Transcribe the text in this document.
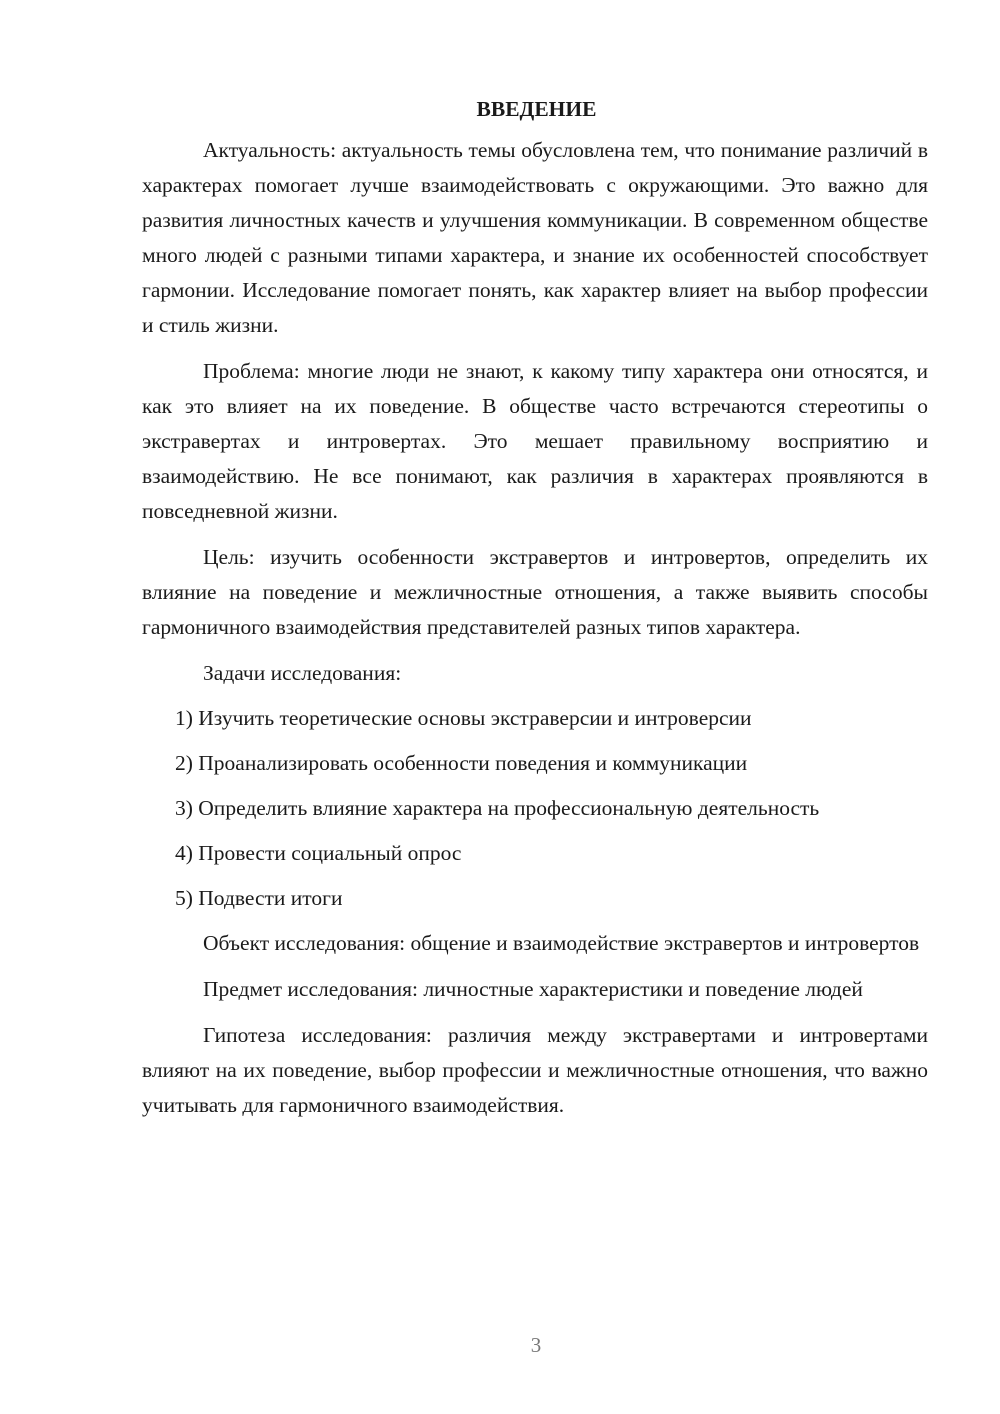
ВВЕДЕНИЕ

Актуальность: актуальность темы обусловлена тем, что понимание различий в характерах помогает лучше взаимодействовать с окружающими. Это важно для развития личностных качеств и улучшения коммуникации. В современном обществе много людей с разными типами характера, и знание их особенностей способствует гармонии. Исследование помогает понять, как характер влияет на выбор профессии и стиль жизни.

Проблема: многие люди не знают, к какому типу характера они относятся, и как это влияет на их поведение. В обществе часто встречаются стереотипы о экстравертах и интровертах. Это мешает правильному восприятию и взаимодействию. Не все понимают, как различия в характерах проявляются в повседневной жизни.

Цель: изучить особенности экстравертов и интровертов, определить их влияние на поведение и межличностные отношения, а также выявить способы гармоничного взаимодействия представителей разных типов характера.

Задачи исследования:

1) Изучить теоретические основы экстраверсии и интроверсии
2) Проанализировать особенности поведения и коммуникации
3) Определить влияние характера на профессиональную деятельность
4) Провести социальный опрос
5) Подвести итоги

Объект исследования: общение и взаимодействие экстравертов и интровертов

Предмет исследования: личностные характеристики и поведение людей

Гипотеза исследования: различия между экстравертами и интровертами влияют на их поведение, выбор профессии и межличностные отношения, что важно учитывать для гармоничного взаимодействия.

3
